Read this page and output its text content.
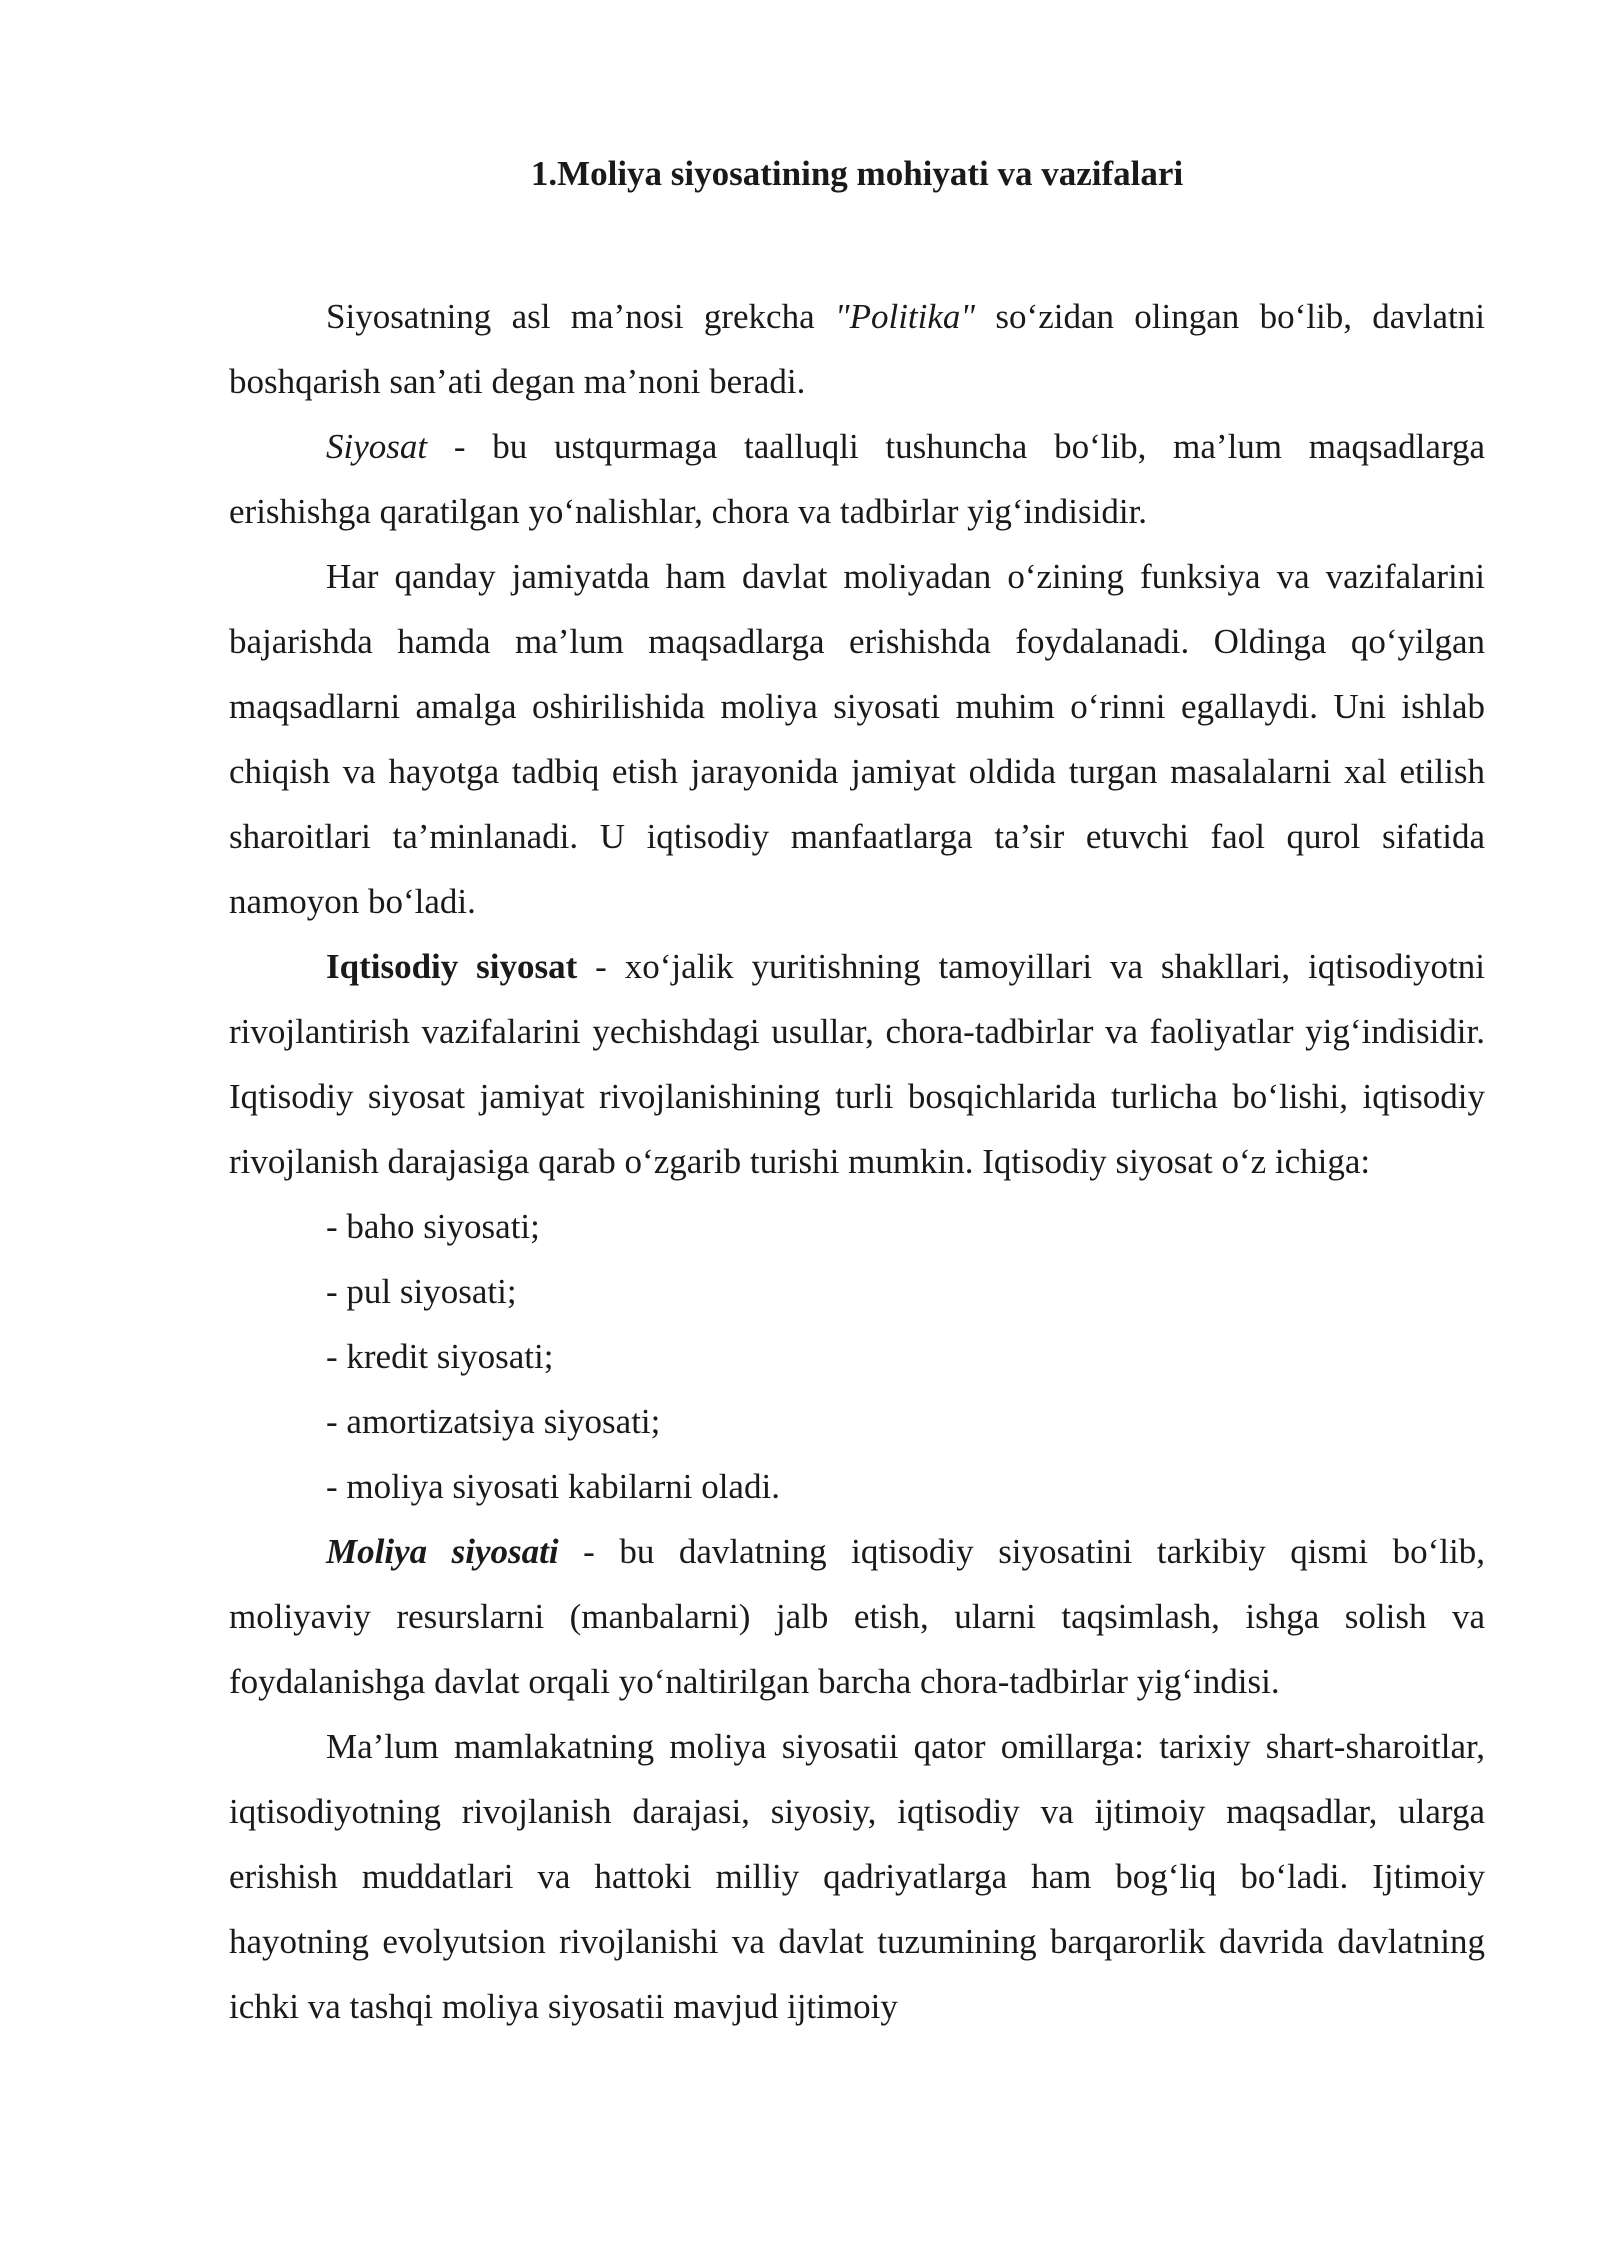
1.Moliya siyosatining mohiyati va vazifalari

Siyosatning asl ma’nosi grekcha "Politika" so‘zidan olingan bo‘lib, davlatni boshqarish san’ati degan ma’noni beradi.

Siyosat - bu ustqurmaga taalluqli tushuncha bo‘lib, ma’lum maqsadlarga erishishga qaratilgan yo‘nalishlar, chora va tadbirlar yig‘indisidir.

Har qanday jamiyatda ham davlat moliyadan o‘zining funksiya va vazifalarini bajarishda hamda ma’lum maqsadlarga erishishda foydalanadi. Oldinga qo‘yilgan maqsadlarni amalga oshirilishida moliya siyosati muhim o‘rinni egallaydi. Uni ishlab chiqish va hayotga tadbiq etish jarayonida jamiyat oldida turgan masalalarni xal etilish sharoitlari ta’minlanadi. U iqtisodiy manfaatlarga ta’sir etuvchi faol qurol sifatida namoyon bo‘ladi.

Iqtisodiy siyosat - xo‘jalik yuritishning tamoyillari va shakllari, iqtisodiyotni rivojlantirish vazifalarini yechishdagi usullar, chora-tadbirlar va faoliyatlar yig‘indisidir. Iqtisodiy siyosat jamiyat rivojlanishining turli bosqichlarida turlicha bo‘lishi, iqtisodiy rivojlanish darajasiga qarab o‘zgarib turishi mumkin. Iqtisodiy siyosat o‘z ichiga:

- baho siyosati;

- pul siyosati;

- kredit siyosati;

- amortizatsiya siyosati;

- moliya siyosati kabilarni oladi.

Moliya siyosati - bu davlatning iqtisodiy siyosatini tarkibiy qismi bo‘lib, moliyaviy resurslarni (manbalarni) jalb etish, ularni taqsimlash, ishga solish va foydalanishga davlat orqali yo‘naltirilgan barcha chora-tadbirlar yig‘indisi.

Ma’lum mamlakatning moliya siyosatii qator omillarga: tarixiy shart-sharoitlar, iqtisodiyotning rivojlanish darajasi, siyosiy, iqtisodiy va ijtimoiy maqsadlar, ularga erishish muddatlari va hattoki milliy qadriyatlarga ham bog‘liq bo‘ladi. Ijtimoiy hayotning evolyutsion rivojlanishi va davlat tuzumining barqarorlik davrida davlatning ichki va tashqi moliya siyosatii mavjud ijtimoiy
